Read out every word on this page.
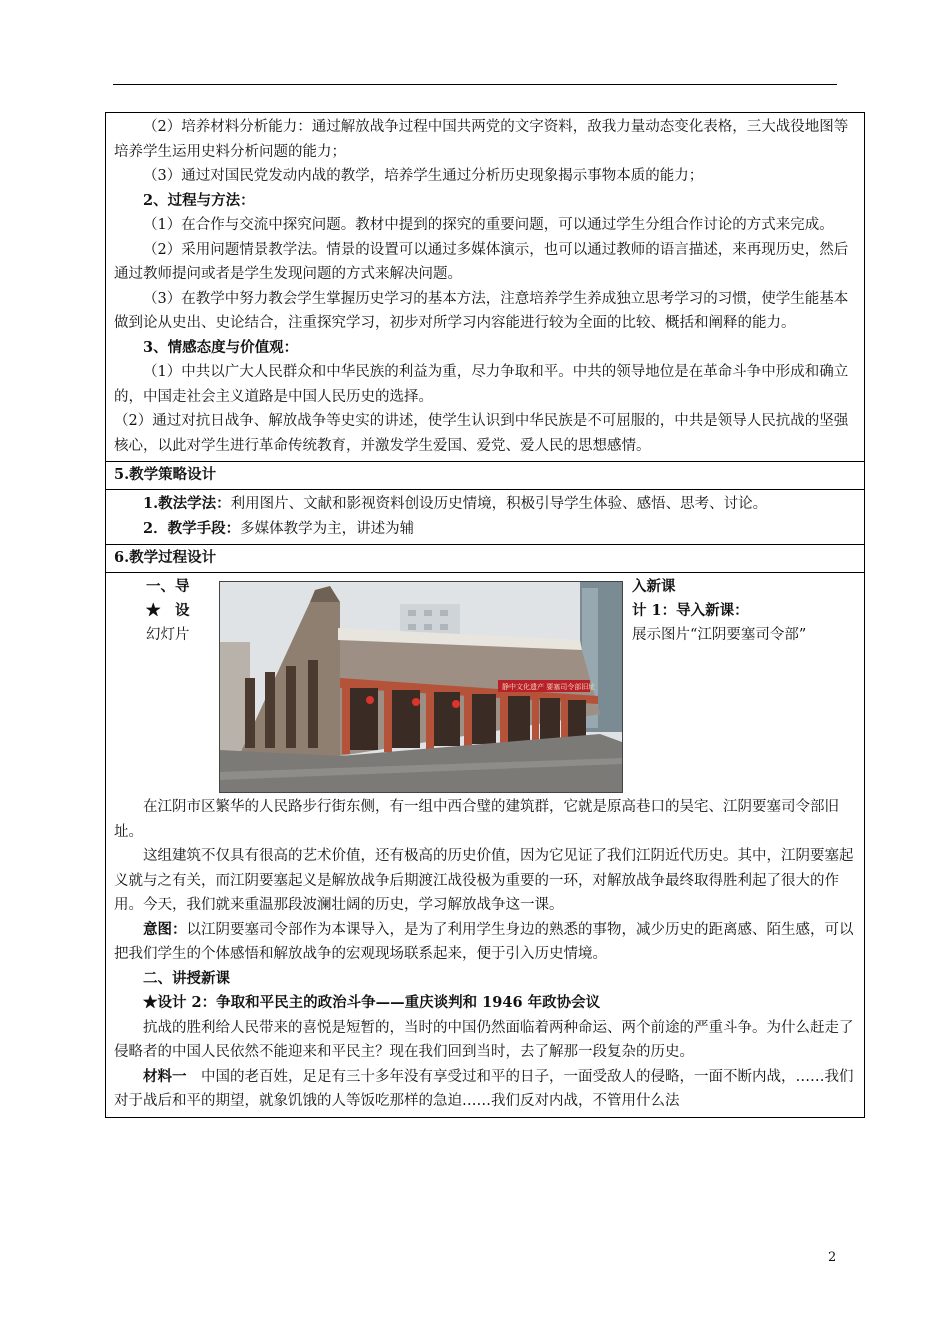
（2）培养材料分析能力：通过解放战争过程中国共两党的文字资料，敌我力量动态变化表格，三大战役地图等培养学生运用史料分析问题的能力；

（3）通过对国民党发动内战的教学，培养学生通过分析历史现象揭示事物本质的能力；

2、过程与方法：

（1）在合作与交流中探究问题。教材中提到的探究的重要问题，可以通过学生分组合作讨论的方式来完成。

（2）采用问题情景教学法。情景的设置可以通过多媒体演示，也可以通过教师的语言描述，来再现历史，然后通过教师提问或者是学生发现问题的方式来解决问题。

（3）在教学中努力教会学生掌握历史学习的基本方法，注意培养学生养成独立思考学习的习惯，使学生能基本做到论从史出、史论结合，注重探究学习，初步对所学习内容能进行较为全面的比较、概括和阐释的能力。

3、情感态度与价值观：

（1）中共以广大人民群众和中华民族的利益为重，尽力争取和平。中共的领导地位是在革命斗争中形成和确立的，中国走社会主义道路是中国人民历史的选择。

（2）通过对抗日战争、解放战争等史实的讲述，使学生认识到中华民族是不可屈服的，中共是领导人民抗战的坚强核心，以此对学生进行革命传统教育，并激发学生爱国、爱党、爱人民的思想感情。

5.教学策略设计

1.教法学法：利用图片、文献和影视资料创设历史情境，积极引导学生体验、感悟、思考、讨论。

2．教学手段：多媒体教学为主，讲述为辅

6.教学过程设计
一、导	入新课
★　设	计 1：导入新课：
幻灯片	展示图片“江阴要塞司令部”
静中文化遗产 要塞司令部旧址

在江阴市区繁华的人民路步行街东侧，有一组中西合璧的建筑群，它就是原高巷口的吴宅、江阴要塞司令部旧址。

这组建筑不仅具有很高的艺术价值，还有极高的历史价值，因为它见证了我们江阴近代历史。其中，江阴要塞起义就与之有关，而江阴要塞起义是解放战争后期渡江战役极为重要的一环，对解放战争最终取得胜利起了很大的作用。今天，我们就来重温那段波澜壮阔的历史，学习解放战争这一课。

意图：以江阴要塞司令部作为本课导入，是为了利用学生身边的熟悉的事物，减少历史的距离感、陌生感，可以把我们学生的个体感悟和解放战争的宏观现场联系起来，便于引入历史情境。

二、讲授新课

★设计 2：争取和平民主的政治斗争——重庆谈判和 1946 年政协会议

抗战的胜利给人民带来的喜悦是短暂的，当时的中国仍然面临着两种命运、两个前途的严重斗争。为什么赶走了侵略者的中国人民依然不能迎来和平民主？现在我们回到当时，去了解那一段复杂的历史。

材料一　中国的老百姓，足足有三十多年没有享受过和平的日子，一面受敌人的侵略，一面不断内战，……我们对于战后和平的期望，就象饥饿的人等饭吃那样的急迫……我们反对内战，不管用什么法

2
